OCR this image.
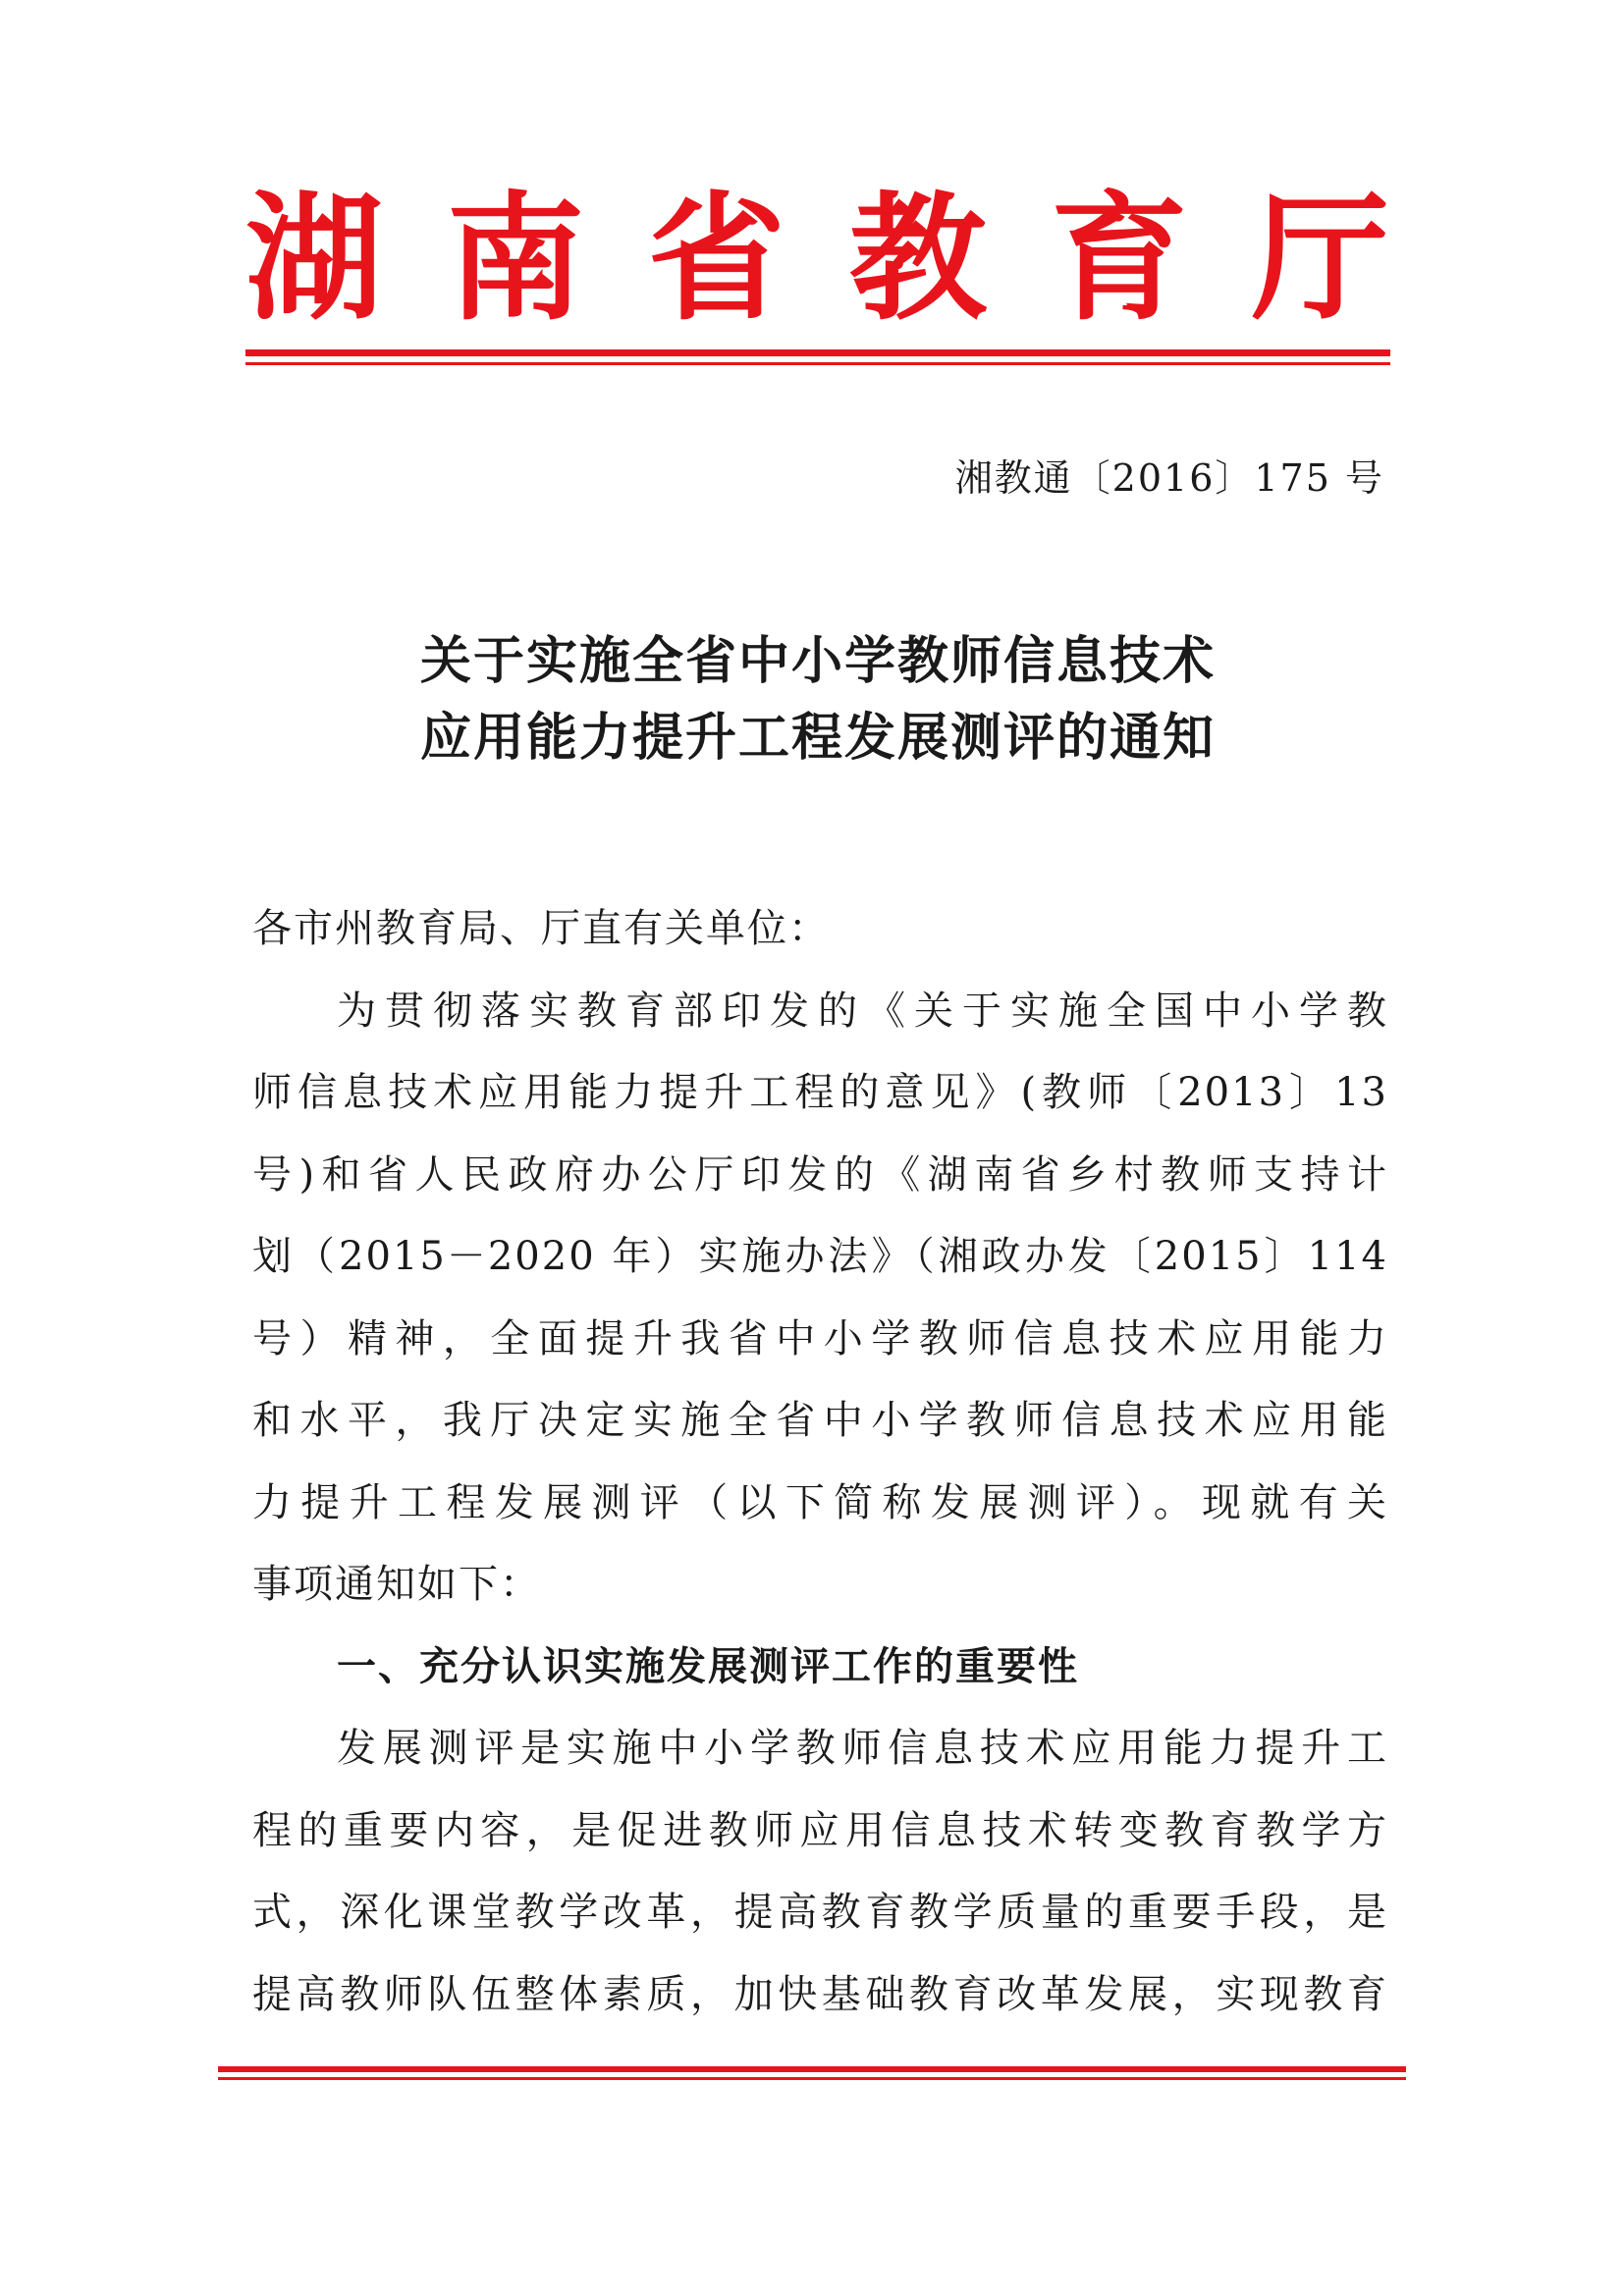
湖 南 省 教 育 厅
湘教通〔2016〕175 号
关于实施全省中小学教师信息技术
应用能力提升工程发展测评的通知
各市州教育局、厅直有关单位：
为贯彻落实教育部印发的《关于实施全国中小学教
师信息技术应用能力提升工程的意见》(教师〔2013〕13
号)和省人民政府办公厅印发的《湖南省乡村教师支持计
划（2015－2020 年）实施办法》（湘政办发〔2015〕114
号）精神，全面提升我省中小学教师信息技术应用能力
和水平，我厅决定实施全省中小学教师信息技术应用能
力提升工程发展测评（以下简称发展测评）。现就有关
事项通知如下：
一、充分认识实施发展测评工作的重要性
发展测评是实施中小学教师信息技术应用能力提升工
程的重要内容，是促进教师应用信息技术转变教育教学方
式，深化课堂教学改革，提高教育教学质量的重要手段，是
提高教师队伍整体素质，加快基础教育改革发展，实现教育
